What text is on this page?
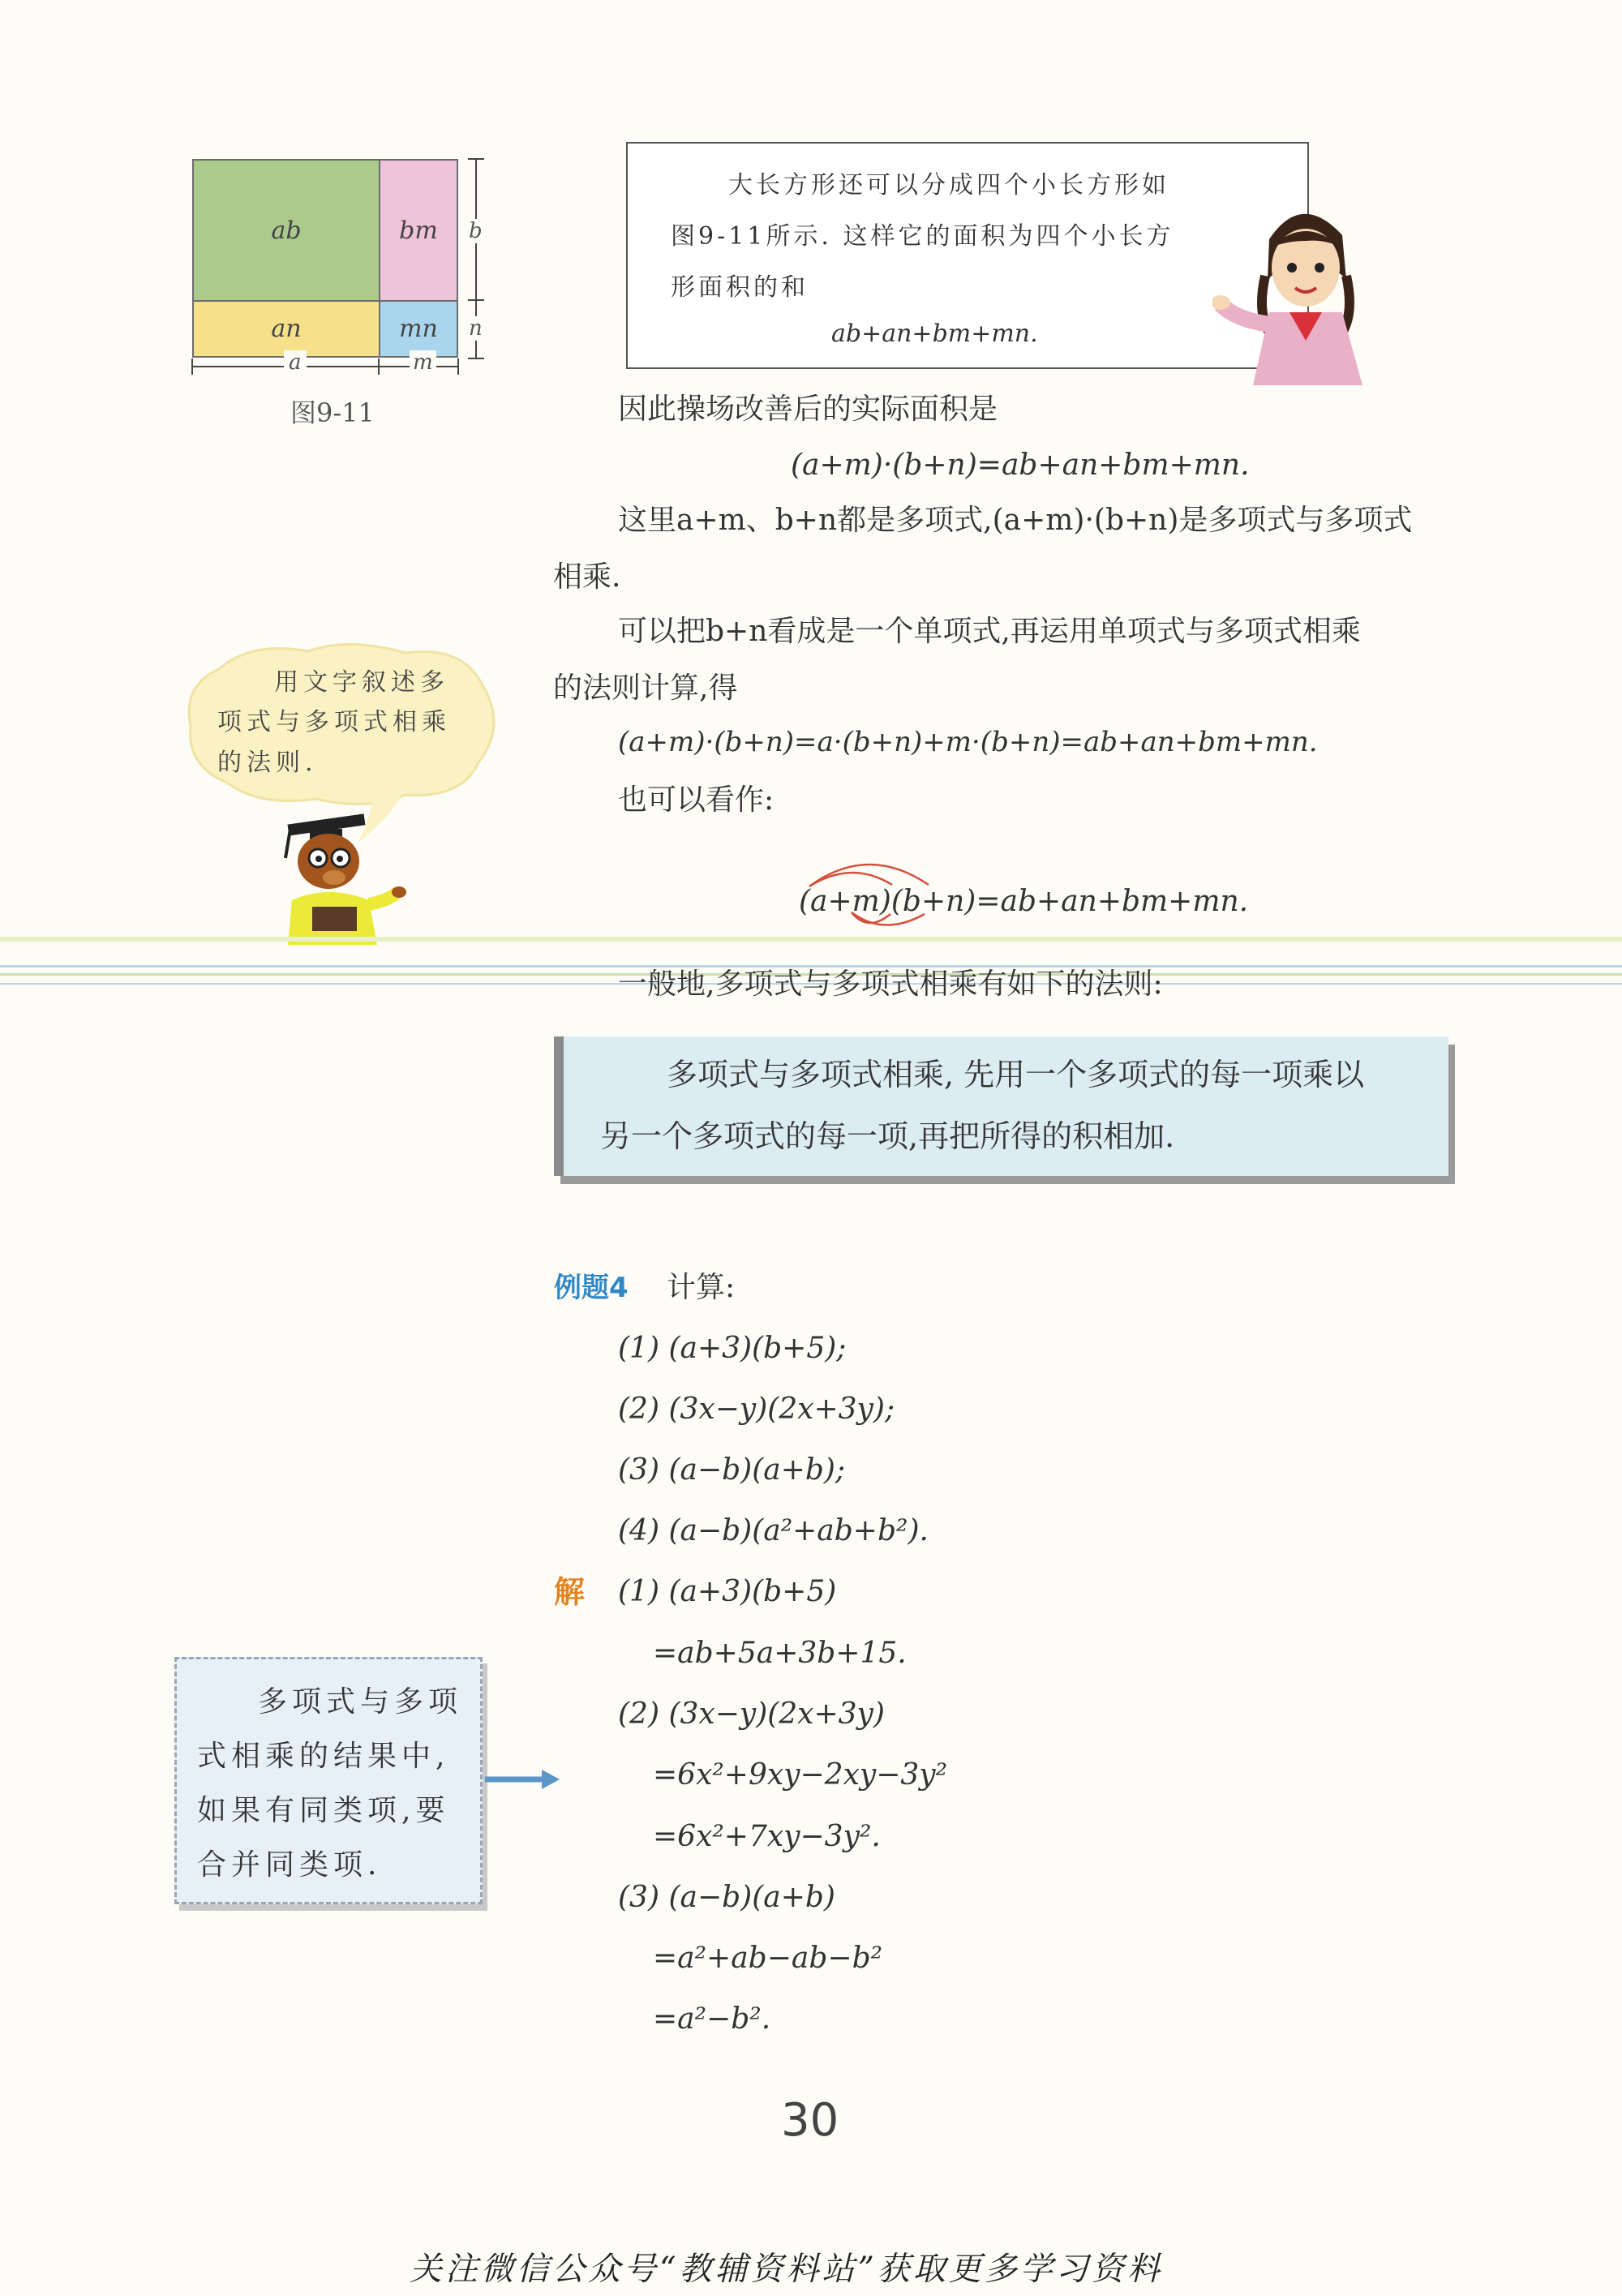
ab	bm
an	mn
a	m
b
n
图9-11
大长方形还可以分成四个小长方形如
图9-11所示. 这样它的面积为四个小长方
形面积的和
ab+an+bm+mn.
因此操场改善后的实际面积是
(a+m)·(b+n)=ab+an+bm+mn.
这里a+m、b+n都是多项式,(a+m)·(b+n)是多项式与多项式
相乘.
可以把b+n看成是一个单项式,再运用单项式与多项式相乘
的法则计算,得
(a+m)·(b+n)=a·(b+n)+m·(b+n)=ab+an+bm+mn.
也可以看作:
(a+m)(b+n)=ab+an+bm+mn.
用文字叙述多
项式与多项式相乘
的法则.
一般地,多项式与多项式相乘有如下的法则:
多项式与多项式相乘, 先用一个多项式的每一项乘以
另一个多项式的每一项,再把所得的积相加.
例题4 计算:
(1) (a+3)(b+5);
(2) (3x−y)(2x+3y);
(3) (a−b)(a+b);
(4) (a−b)(a²+ab+b²).
解 (1) (a+3)(b+5)
=ab+5a+3b+15.
(2) (3x−y)(2x+3y)
=6x²+9xy−2xy−3y²
=6x²+7xy−3y².
(3) (a−b)(a+b)
=a²+ab−ab−b²
=a²−b².
多项式与多项
式相乘的结果中,
如果有同类项,要
合并同类项.
30
关注微信公众号“教辅资料站”获取更多学习资料
